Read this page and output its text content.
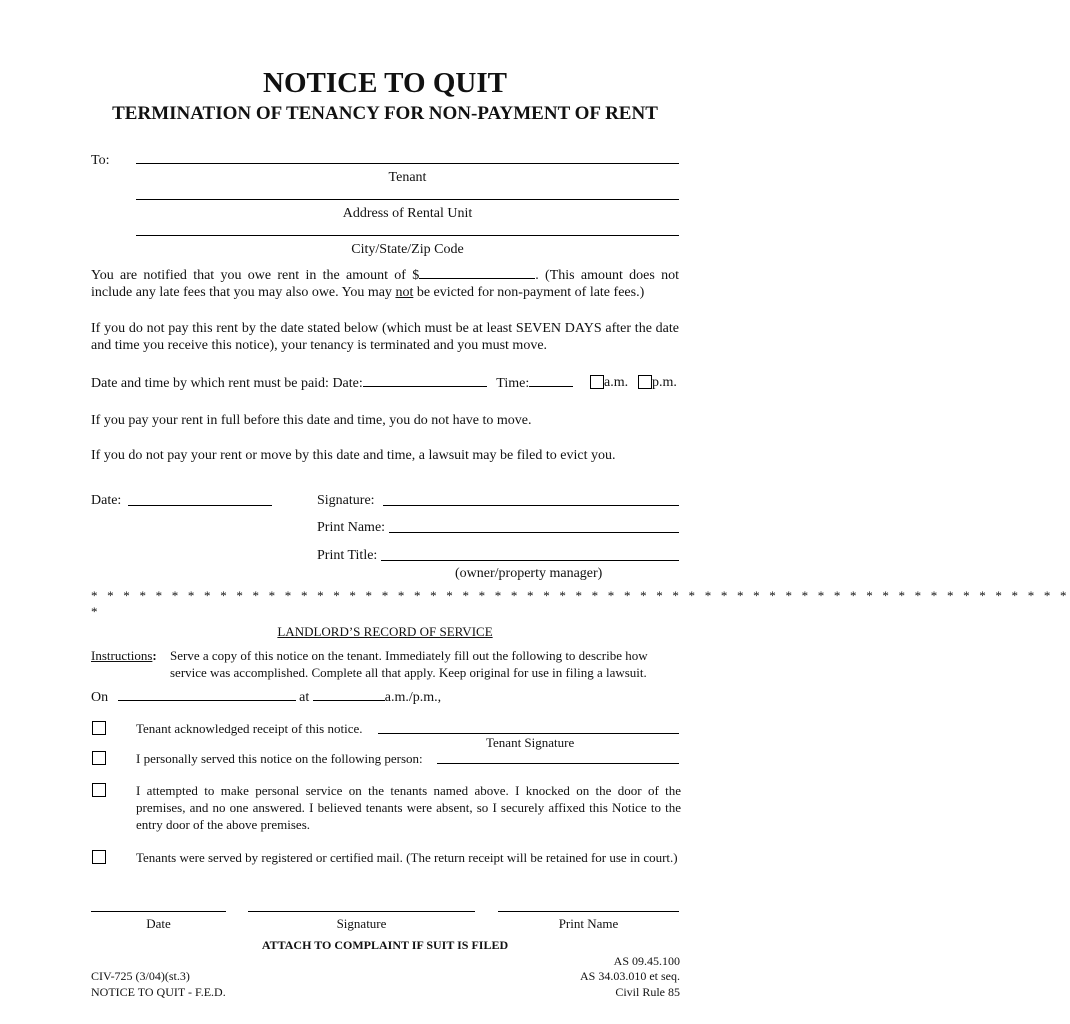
NOTICE TO QUIT
TERMINATION OF TENANCY FOR NON-PAYMENT OF RENT
To:
Tenant
Address of Rental Unit
City/State/Zip Code
You are notified that you owe rent in the amount of $	. (This amount does not include any late fees that you may also owe. You may not be evicted for non-payment of late fees.)
If you do not pay this rent by the date stated below (which must be at least SEVEN DAYS after the date and time you receive this notice), your tenancy is terminated and you must move.
Date and time by which rent must be paid: Date:	Time:	a.m. p.m.
If you pay your rent in full before this date and time, you do not have to move.
If you do not pay your rent or move by this date and time, a lawsuit may be filed to evict you.
Date:	Signature:
Print Name:
Print Title:
(owner/property manager)
* * * * * * * * * * * * * * * * * * * * * * * * * * * * * * * * * * * * * * * * * * * * * * * * * * * * * * * * * * * * *
*
LANDLORD’S RECORD OF SERVICE
Instructions: Serve a copy of this notice on the tenant. Immediately fill out the following to describe how service was accomplished. Complete all that apply. Keep original for use in filing a lawsuit.
On	at	a.m./p.m.,
Tenant acknowledged receipt of this notice.
Tenant Signature
I personally served this notice on the following person:
I attempted to make personal service on the tenants named above. I knocked on the door of the premises, and no one answered. I believed tenants were absent, so I securely affixed this Notice to the entry door of the above premises.
Tenants were served by registered or certified mail. (The return receipt will be retained for use in court.)
Date	Signature	Print Name
ATTACH TO COMPLAINT IF SUIT IS FILED
CIV-725 (3/04)(st.3)
NOTICE TO QUIT - F.E.D.
AS 09.45.100
AS 34.03.010 et seq.
Civil Rule 85
